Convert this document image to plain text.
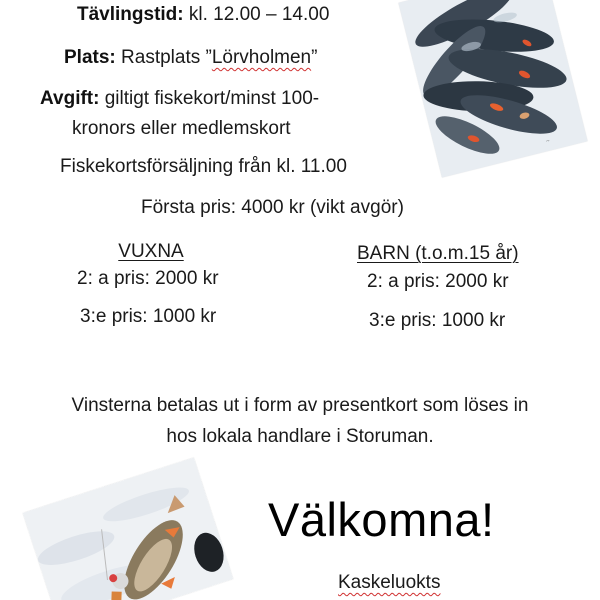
~
Tävlingstid: kl. 12.00 – 14.00
Plats: Rastplats ”Lörvholmen”
Avgift: giltigt fiskekort/minst 100-
kronors eller medlemskort
Fiskekortsförsäljning från kl. 11.00
Första pris: 4000 kr (vikt avgör)
VUXNA
2: a pris: 2000 kr
3:e pris: 1000 kr
BARN (t.o.m.15 år)
2: a pris: 2000 kr
3:e pris: 1000 kr
Vinsterna betalas ut i form av presentkort som löses in
hos lokala handlare i Storuman.
Välkomna!
Kaskeluokts
